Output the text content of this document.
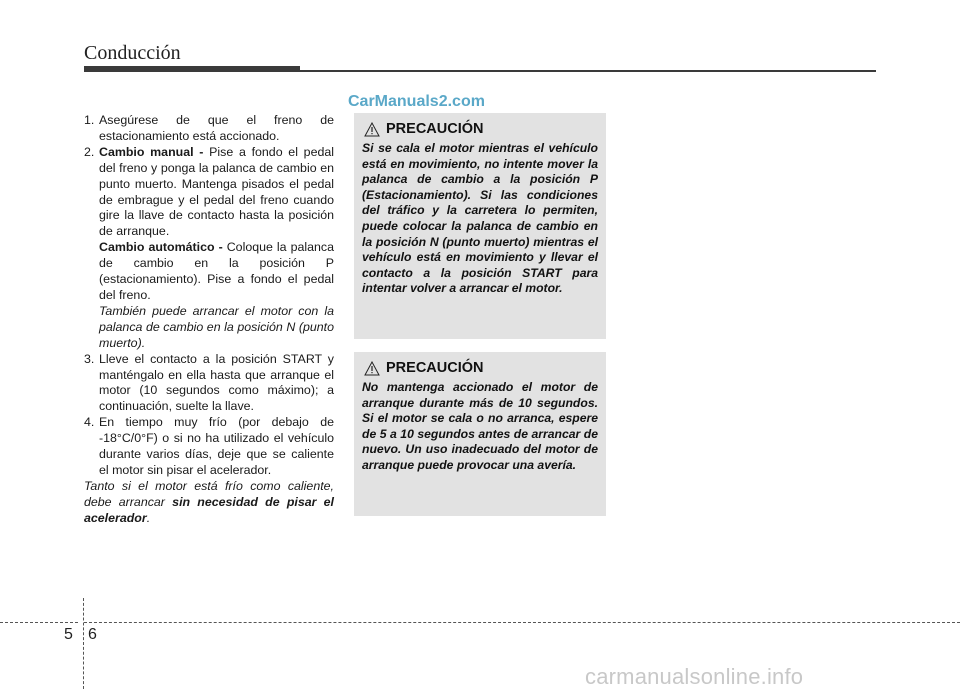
Conducción
CarManuals2.com
1. Asegúrese de que el freno de estacionamiento está accionado.
2. Cambio manual - Pise a fondo el pedal del freno y ponga la palanca de cambio en punto muerto. Mantenga pisados el pedal de embrague y el pedal del freno cuando gire la llave de contacto hasta la posición de arranque.
Cambio automático - Coloque la palanca de cambio en la posición P (estacionamiento). Pise a fondo el pedal del freno.
También puede arrancar el motor con la palanca de cambio en la posición N (punto muerto).
3. Lleve el contacto a la posición START y manténgalo en ella hasta que arranque el motor (10 segundos como máximo); a continuación, suelte la llave.
4. En tiempo muy frío (por debajo de -18°C/0°F) o si no ha utilizado el vehículo durante varios días, deje que se caliente el motor sin pisar el acelerador.
Tanto si el motor está frío como caliente, debe arrancar sin necesidad de pisar el acelerador.
PRECAUCIÓN
Si se cala el motor mientras el vehículo está en movimiento, no intente mover la palanca de cambio a la posición P (Estacionamiento). Si las condiciones del tráfico y la carretera lo permiten, puede colocar la palanca de cambio en la posición N (punto muerto) mientras el vehículo está en movimiento y llevar el contacto a la posición START para intentar volver a arrancar el motor.
PRECAUCIÓN
No mantenga accionado el motor de arranque durante más de 10 segundos. Si el motor se cala o no arranca, espere de 5 a 10 segundos antes de arrancar de nuevo. Un uso inadecuado del motor de arranque puede provocar una avería.
5 6
carmanualsonline.info
